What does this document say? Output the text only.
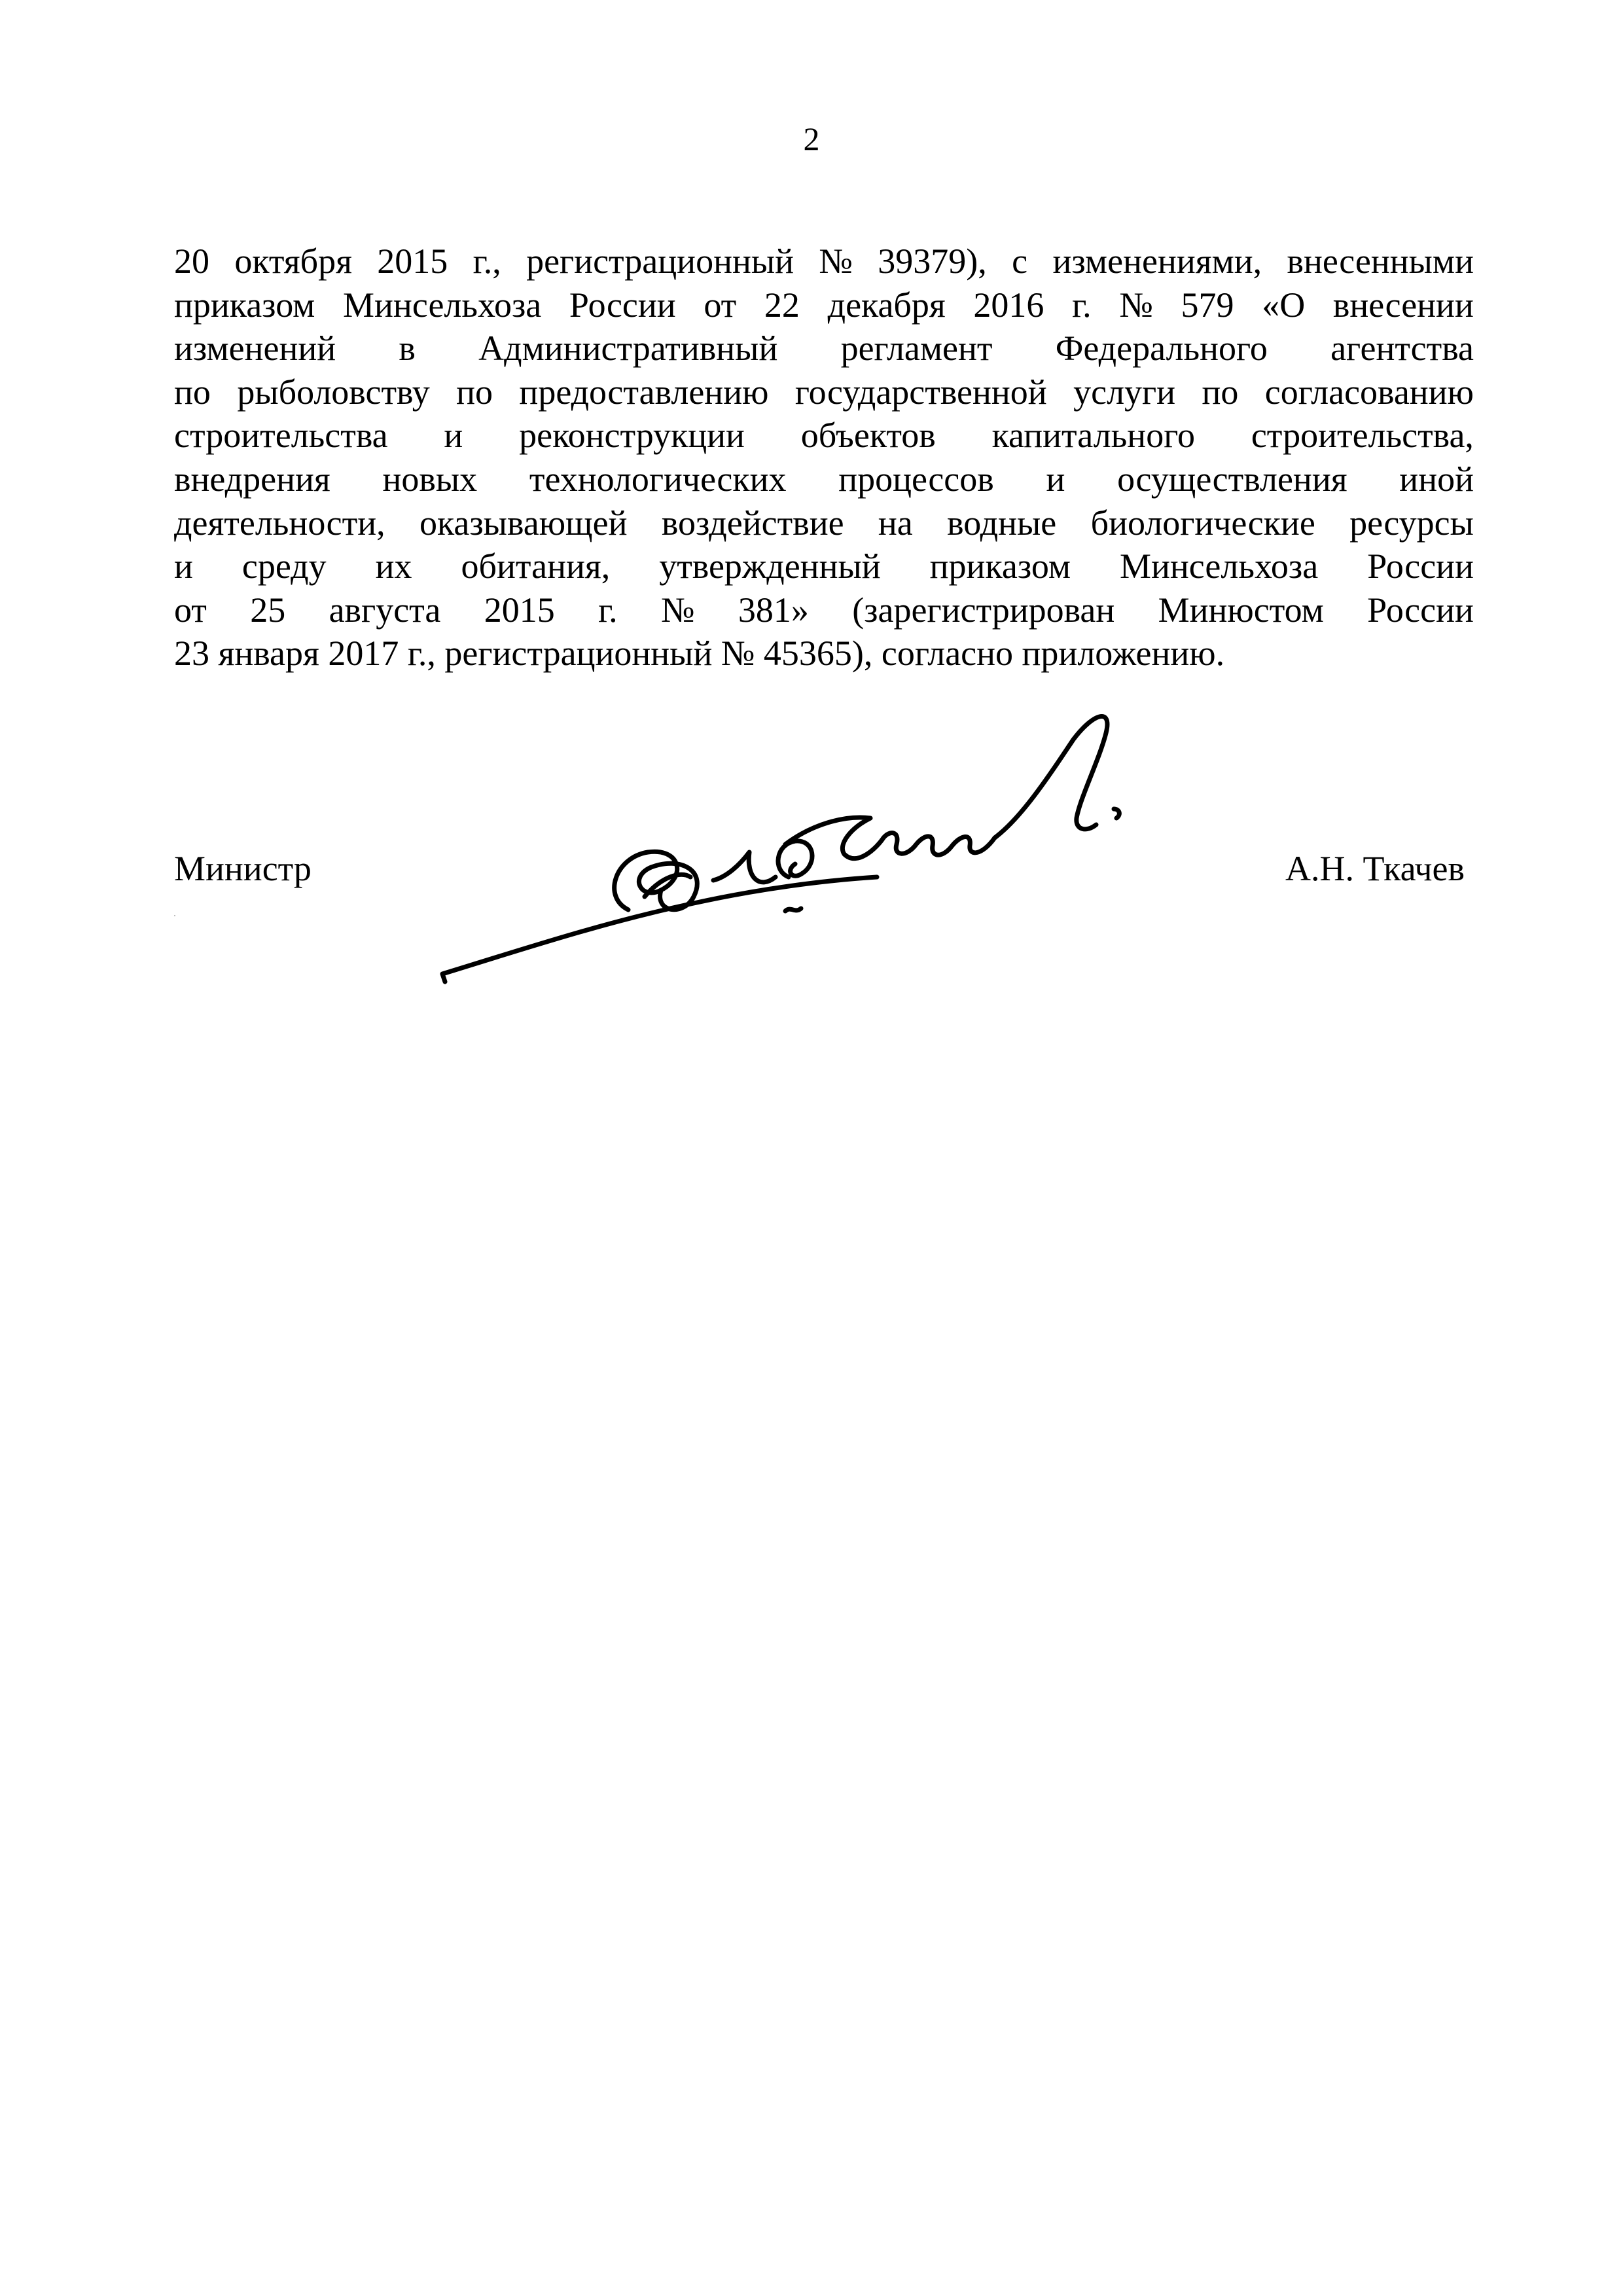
2
20 октября 2015 г., регистрационный № 39379), с изменениями, внесенными
приказом Минсельхоза России от 22 декабря 2016 г. № 579 «О внесении
изменений в Административный регламент Федерального агентства
по рыболовству по предоставлению государственной услуги по согласованию
строительства и реконструкции объектов капитального строительства,
внедрения новых технологических процессов и осуществления иной
деятельности, оказывающей воздействие на водные биологические ресурсы
и среду их обитания, утвержденный приказом Минсельхоза России
от 25 августа 2015 г. № 381» (зарегистрирован Минюстом России
23 января 2017 г., регистрационный № 45365), согласно приложению.
Министр	А.Н. Ткачев
